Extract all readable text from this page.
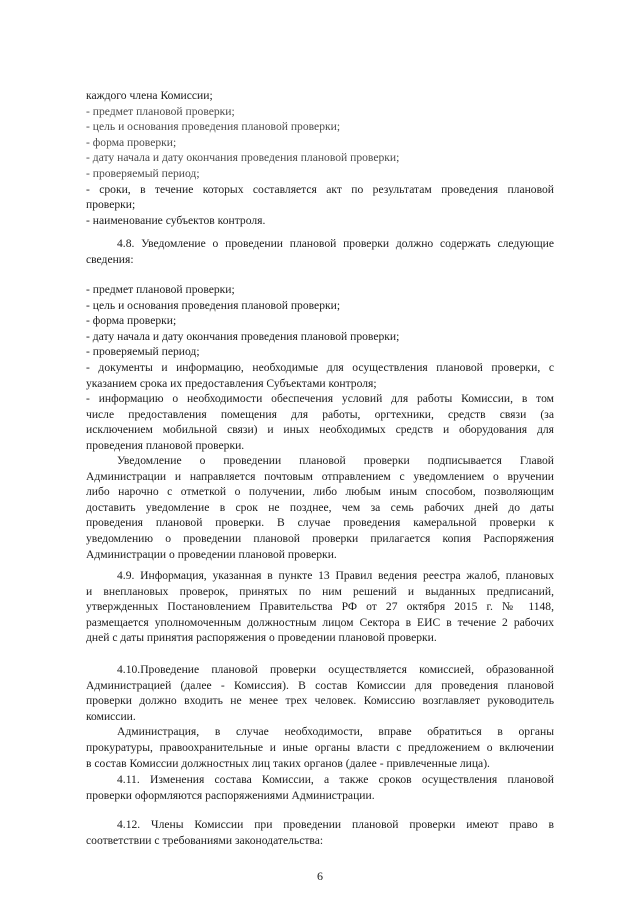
каждого члена Комиссии;
- предмет плановой проверки;
- цель и основания проведения плановой проверки;
- форма проверки;
- дату начала и дату окончания проведения плановой проверки;
- проверяемый период;
- сроки, в течение которых составляется акт по результатам проведения плановой
проверки;
- наименование субъектов контроля.
4.8. Уведомление о проведении плановой проверки должно содержать следующие
сведения:
- предмет плановой проверки;
- цель и основания проведения плановой проверки;
- форма проверки;
- дату начала и дату окончания проведения плановой проверки;
- проверяемый период;
- документы и информацию, необходимые для осуществления плановой проверки, с
указанием срока их предоставления Субъектами контроля;
- информацию о необходимости обеспечения условий для работы Комиссии, в том
числе предоставления помещения для работы, оргтехники, средств связи (за
исключением мобильной связи) и иных необходимых средств и оборудования для
проведения плановой проверки.
Уведомление о проведении плановой проверки подписывается Главой
Администрации и направляется почтовым отправлением с уведомлением о вручении
либо нарочно с отметкой о получении, либо любым иным способом, позволяющим
доставить уведомление в срок не позднее, чем за семь рабочих дней до даты
проведения плановой проверки. В случае проведения камеральной проверки к
уведомлению о проведении плановой проверки прилагается копия Распоряжения
Администрации о проведении плановой проверки.
4.9. Информация, указанная в пункте 13 Правил ведения реестра жалоб, плановых
и внеплановых проверок, принятых по ним решений и выданных предписаний,
утвержденных Постановлением Правительства РФ от 27 октября 2015 г. № 1148,
размещается уполномоченным должностным лицом Сектора в ЕИС в течение 2 рабочих
дней с даты принятия распоряжения о проведении плановой проверки.
4.10.Проведение плановой проверки осуществляется комиссией, образованной
Администрацией (далее - Комиссия). В состав Комиссии для проведения плановой
проверки должно входить не менее трех человек. Комиссию возглавляет руководитель
комиссии.
Администрация, в случае необходимости, вправе обратиться в органы
прокуратуры, правоохранительные и иные органы власти с предложением о включении
в состав Комиссии должностных лиц таких органов (далее - привлеченные лица).
4.11. Изменения состава Комиссии, а также сроков осуществления плановой
проверки оформляются распоряжениями Администрации.
4.12. Члены Комиссии при проведении плановой проверки имеют право в
соответствии с требованиями законодательства:
6
